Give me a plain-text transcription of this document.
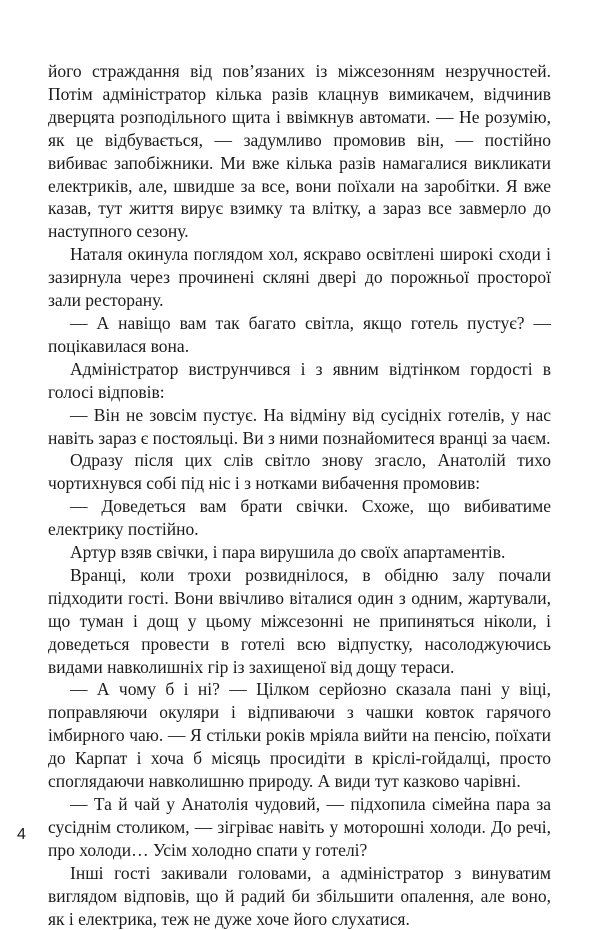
його страждання від пов’язаних із міжсезонням незручностей. Потім адміністратор кілька разів клацнув вимикачем, відчинив дверцята розподільного щита і ввімкнув автомати. — Не розумію, як це відбувається, — задумливо промовив він, — постійно вибиває запобіжники. Ми вже кілька разів намагалися викликати електриків, але, швидше за все, вони поїхали на заробітки. Я вже казав, тут життя вирує взимку та влітку, а зараз все завмерло до наступного сезону.

Наталя окинула поглядом хол, яскраво освітлені широкі сходи і зазирнула через прочинені скляні двері до порожньої просторої зали ресторану.

— А навіщо вам так багато світла, якщо готель пустує? — поцікавилася вона.

Адміністратор виструнчився і з явним відтінком гордості в голосі відповів:

— Він не зовсім пустує. На відміну від сусідніх готелів, у нас навіть зараз є постояльці. Ви з ними познайомитеся вранці за чаєм.

Одразу після цих слів світло знову згасло, Анатолій тихо чортихнувся собі під ніс і з нотками вибачення промовив:

— Доведеться вам брати свічки. Схоже, що вибиватиме електрику постійно.

Артур взяв свічки, і пара вирушила до своїх апартаментів.

Вранці, коли трохи розвиднілося, в обідню залу почали підходити гості. Вони ввічливо віталися один з одним, жартували, що туман і дощ у цьому міжсезонні не припиняться ніколи, і доведеться провести в готелі всю відпустку, насолоджуючись видами навколишніх гір із захищеної від дощу тераси.

— А чому б і ні? — Цілком серйозно сказала пані у віці, поправляючи окуляри і відпиваючи з чашки ковток гарячого імбирного чаю. — Я стільки років мріяла вийти на пенсію, поїхати до Карпат і хоча б місяць просидіти в кріслі-гойдалці, просто споглядаючи навколишню природу. А види тут казково чарівні.

— Та й чай у Анатолія чудовий, — підхопила сімейна пара за сусіднім столиком, — зігріває навіть у моторошні холоди. До речі, про холоди… Усім холодно спати у готелі?

Інші гості закивали головами, а адміністратор з винуватим виглядом відповів, що й радий би збільшити опалення, але воно, як і електрика, теж не дуже хоче його слухатися.

4
